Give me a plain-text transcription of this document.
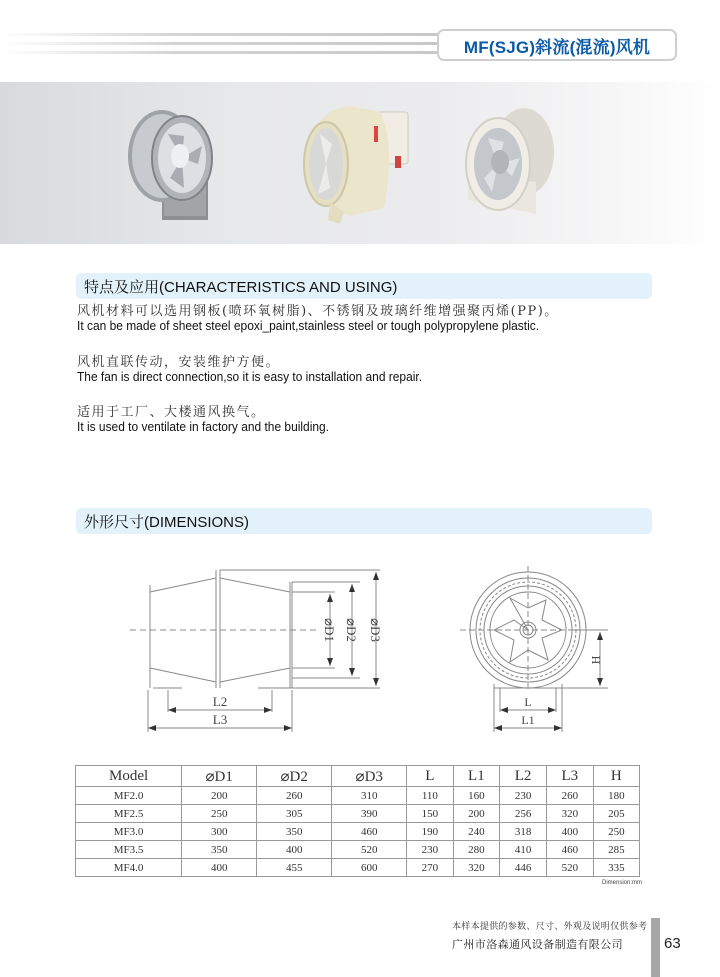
MF(SJG)斜流(混流)风机
特点及应用(CHARACTERISTICS AND USING)
风机材料可以选用钢板(喷环氧树脂)、不锈钢及玻璃纤维增强聚丙烯(PP)。
It can be made of sheet steel epoxi_paint,stainless steel or tough polypropylene plastic.
风机直联传动，安装维护方便。
The fan is direct connection,so it is easy to installation and repair.
适用于工厂、大楼通风换气。
It is used to ventilate in factory and the building.
外形尺寸(DIMENSIONS)
⌀D1 ⌀D2 ⌀D3
L2
L3
L
L1
H
Model	⌀D1	⌀D2	⌀D3	L	L1	L2	L3	H
MF2.0	200	260	310	110	160	230	260	180
MF2.5	250	305	390	150	200	256	320	205
MF3.0	300	350	460	190	240	318	400	250
MF3.5	350	400	520	230	280	410	460	285
MF4.0	400	455	600	270	320	446	520	335
Dimension:mm
本样本提供的参数、尺寸、外观及说明仅供参考
广州市洛森通风设备制造有限公司	63
